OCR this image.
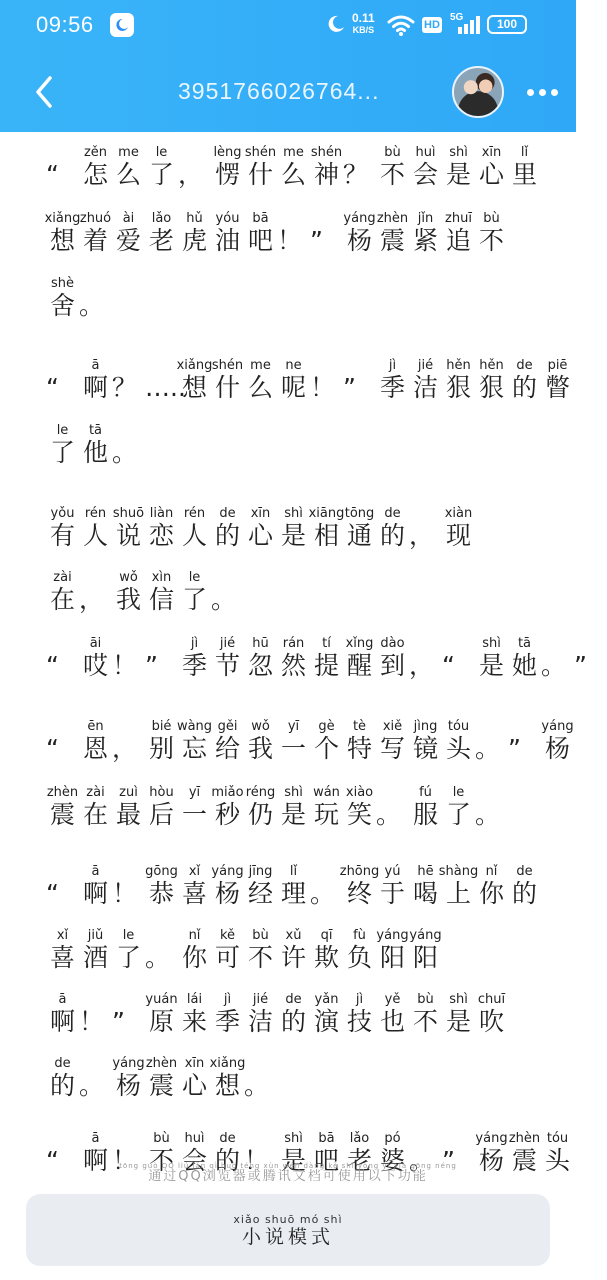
09:56	0.11
KB/S	HD
5G	100
3951766026764...
“
zěn
怎
me
么
le
了 ，
lèng
愣
shén
什
me
么
shén
神 ？
bù
不
huì
会
shì
是
xīn
心
lǐ
里
xiǎng
想
zhuó
着
ài
爱
lǎo
老
hǔ
虎
yóu
油
bā
吧 ！ ”
yáng
杨
zhèn
震
jǐn
紧
zhuī
追
bù
不
shè
舍 。
“
ā
啊 ？ …..
xiǎng
想
shén
什
me
么
ne
呢 ！ ”
jì
季
jié
洁
hěn
狠
hěn
狠
de
的
piē
瞥
le
了
tā
他 。
yǒu
有
rén
人
shuō
说
liàn
恋
rén
人
de
的
xīn
心
shì
是
xiāng
相
tōng
通
de
的 ，
xiàn
现
zài
在 ，
wǒ
我
xìn
信
le
了 。
“
āi
哎 ！ ”
jì
季
jié
节
hū
忽
rán
然
tí
提
xǐng
醒
dào
到 ， “
shì
是
tā
她 。 ”
“
ēn
恩 ，
bié
别
wàng
忘
gěi
给
wǒ
我
yī
一
gè
个
tè
特
xiě
写
jìng
镜
tóu
头 。 ”
yáng
杨
zhèn
震
zài
在
zuì
最
hòu
后
yī
一
miǎo
秒
réng
仍
shì
是
wán
玩
xiào
笑 。
fú
服
le
了 。
“
ā
啊 ！
gōng
恭
xǐ
喜
yáng
杨
jīng
经
lǐ
理 。
zhōng
终
yú
于
hē
喝
shàng
上
nǐ
你
de
的
xǐ
喜
jiǔ
酒
le
了 。
nǐ
你
kě
可
bù
不
xǔ
许
qī
欺
fù
负
yáng
阳
yáng
阳
ā
啊 ！ ”
yuán
原
lái
来
jì
季
jié
洁
de
的
yǎn
演
jì
技
yě
也
bù
不
shì
是
chuī
吹
de
的 。
yáng
杨
zhèn
震
xīn
心
xiǎng
想 。
“
ā
啊 ！
bù
不
huì
会
de
的 ！
shì
是
bā
吧
lǎo
老
pó
婆 。 ”
yáng
杨
zhèn
震
tóu
头
tōng guò QQ liú lǎn qì huò téng xùn wén dàng kě shǐ yòng yǐ xià gōng néng
通过QQ浏览器或腾讯文档可使用以下功能
xiǎo shuō mó shì
小说模式
